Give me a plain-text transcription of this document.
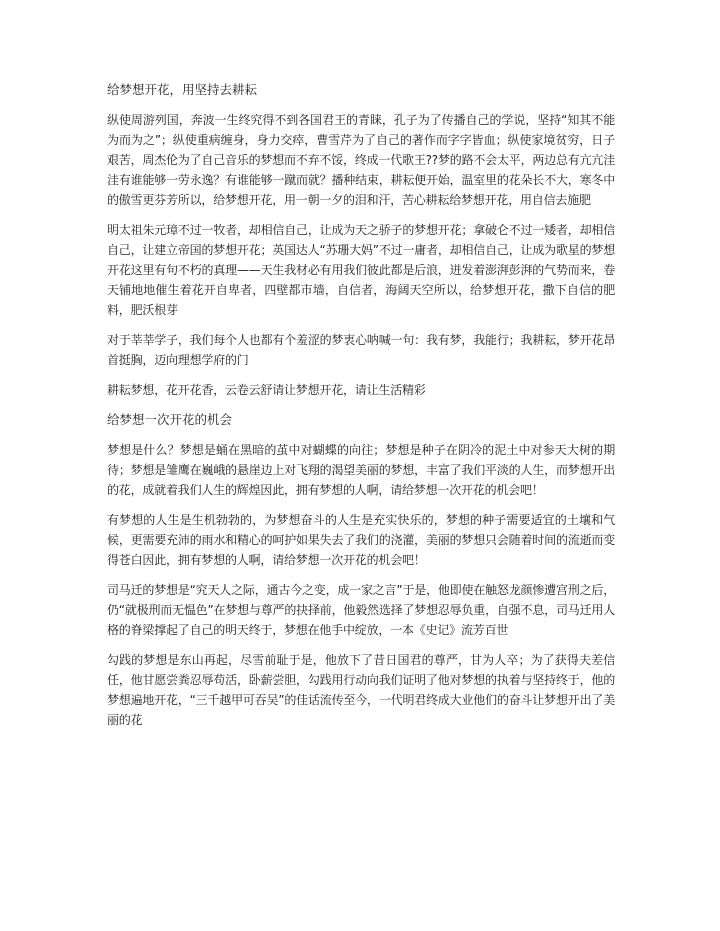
给梦想开花，用坚持去耕耘

纵使周游列国，奔波一生终究得不到各国君王的青睐，孔子为了传播自己的学说，坚持“知其不能为而为之”；纵使重病缠身，身力交瘁，曹雪芹为了自己的著作而字字皆血；纵使家境贫穷，日子艰苦，周杰伦为了自己音乐的梦想而不弃不馁，终成一代歌王??梦的路不会太平，两边总有亢亢洼洼有谁能够一劳永逸？有谁能够一蹴而就？播种结束，耕耘便开始，温室里的花朵长不大，寒冬中的傲雪更芬芳所以，给梦想开花，用一朝一夕的泪和汗，苦心耕耘给梦想开花，用自信去施肥

明太祖朱元璋不过一牧者，却相信自己，让成为天之骄子的梦想开花；拿破仑不过一矮者，却相信自己，让建立帝国的梦想开花；英国达人“苏珊大妈”不过一庸者，却相信自己，让成为歌星的梦想开花这里有句不朽的真理——天生我材必有用我们彼此都是后浪，迸发着澎湃彭湃的气势而来，卷天铺地地催生着花开自卑者，四壁都市墙，自信者，海阔天空所以，给梦想开花，撒下自信的肥料，肥沃根芽

对于莘莘学子，我们每个人也都有个羞涩的梦衷心呐喊一句：我有梦，我能行；我耕耘，梦开花昂首挺胸，迈向理想学府的门

耕耘梦想，花开花香，云卷云舒请让梦想开花，请让生活精彩

给梦想一次开花的机会

梦想是什么？梦想是蛹在黑暗的茧中对蝴蝶的向往；梦想是种子在阴冷的泥土中对参天大树的期待；梦想是雏鹰在巍峨的悬崖边上对飞翔的渴望美丽的梦想，丰富了我们平淡的人生，而梦想开出的花，成就着我们人生的辉煌因此，拥有梦想的人啊，请给梦想一次开花的机会吧！

有梦想的人生是生机勃勃的，为梦想奋斗的人生是充实快乐的，梦想的种子需要适宜的土壤和气候，更需要充沛的雨水和精心的呵护如果失去了我们的浇灌，美丽的梦想只会随着时间的流逝而变得苍白因此，拥有梦想的人啊，请给梦想一次开花的机会吧！

司马迁的梦想是“究天人之际，通古今之变，成一家之言”于是，他即使在触怒龙颜惨遭宫刑之后，仍“就极刑而无愠色”在梦想与尊严的抉择前，他毅然选择了梦想忍辱负重，自强不息，司马迁用人格的脊梁撑起了自己的明天终于，梦想在他手中绽放，一本《史记》流芳百世

勾践的梦想是东山再起，尽雪前耻于是，他放下了昔日国君的尊严，甘为人卒；为了获得夫差信任，他甘愿尝粪忍辱苟活，卧薪尝胆，勾践用行动向我们证明了他对梦想的执着与坚持终于，他的梦想遍地开花，“三千越甲可吞吴”的佳话流传至今，一代明君终成大业他们的奋斗让梦想开出了美丽的花
